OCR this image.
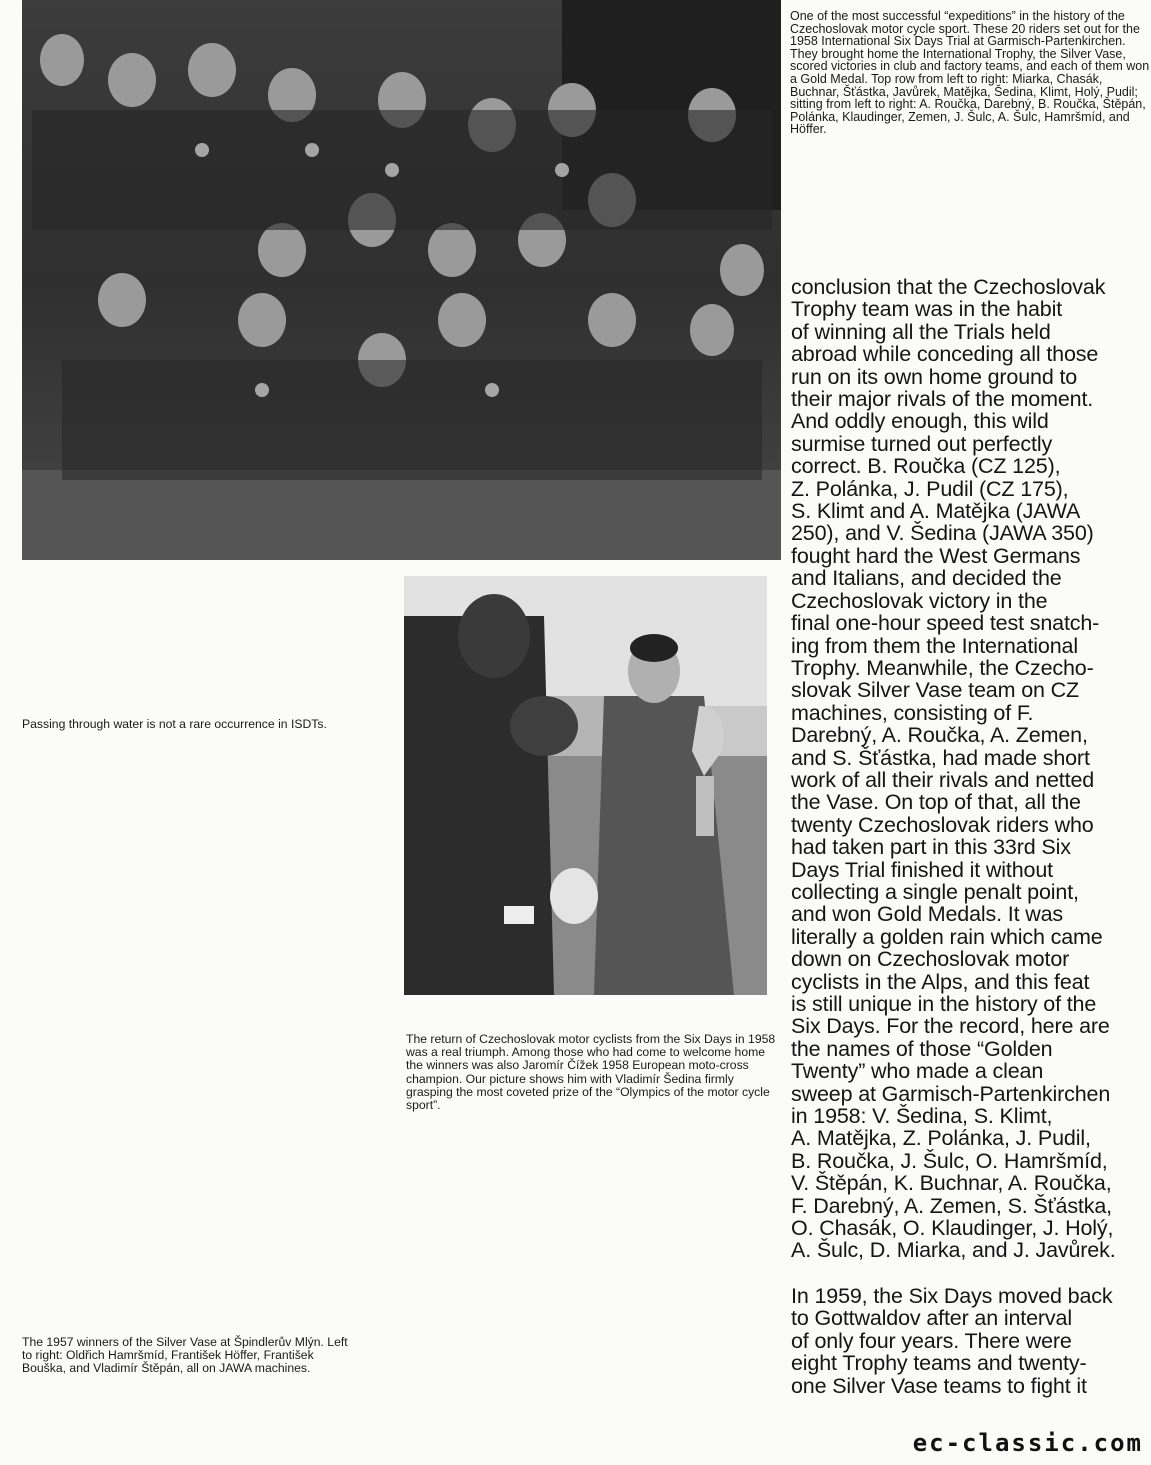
One of the most successful “expeditions” in the history of the Czechoslovak motor cycle sport. These 20 riders set out for the 1958 International Six Days Trial at Garmisch-Partenkirchen. They brought home the International Trophy, the Silver Vase, scored victories in club and factory teams, and each of them won a Gold Medal. Top row from left to right: Miarka, Chasák, Buchnar, Šťástka, Javůrek, Matějka, Šedina, Klimt, Holý, Pudil; sitting from left to right: A. Roučka, Darebný, B. Roučka, Štěpán, Polánka, Klaudinger, Zemen, J. Šulc, A. Šulc, Hamršmíd, and Höffer.
Passing through water is not a rare occurrence in ISDTs.
The return of Czechoslovak motor cyclists from the Six Days in 1958 was a real triumph. Among those who had come to welcome home the winners was also Jaromír Čížek 1958 European moto-cross champion. Our picture shows him with Vladimír Šedina firmly grasping the most coveted prize of the “Olympics of the motor cycle sport”.
The 1957 winners of the Silver Vase at Špindlerův Mlýn. Left to right: Oldřich Hamršmíd, František Höffer, František Bouška, and Vladimír Štěpán, all on JAWA machines.
conclusion that the Czechoslovak
Trophy team was in the habit
of winning all the Trials held
abroad while conceding all those
run on its own home ground to
their major rivals of the moment.
And oddly enough, this wild
surmise turned out perfectly
correct. B. Roučka (CZ 125),
Z. Polánka, J. Pudil (CZ 175),
S. Klimt and A. Matějka (JAWA
250), and V. Šedina (JAWA 350)
fought hard the West Germans
and Italians, and decided the
Czechoslovak victory in the
final one-hour speed test snatch-
ing from them the International
Trophy. Meanwhile, the Czecho-
slovak Silver Vase team on CZ
machines, consisting of F.
Darebný, A. Roučka, A. Zemen,
and S. Šťástka, had made short
work of all their rivals and netted
the Vase. On top of that, all the
twenty Czechoslovak riders who
had taken part in this 33rd Six
Days Trial finished it without
collecting a single penalt point,
and won Gold Medals. It was
literally a golden rain which came
down on Czechoslovak motor
cyclists in the Alps, and this feat
is still unique in the history of the
Six Days. For the record, here are
the names of those “Golden
Twenty” who made a clean
sweep at Garmisch-Partenkirchen
in 1958: V. Šedina, S. Klimt,
A. Matějka, Z. Polánka, J. Pudil,
B. Roučka, J. Šulc, O. Hamršmíd,
V. Štěpán, K. Buchnar, A. Roučka,
F. Darebný, A. Zemen, S. Šťástka,
O. Chasák, O. Klaudinger, J. Holý,
A. Šulc, D. Miarka, and J. Javůrek.
In 1959, the Six Days moved back
to Gottwaldov after an interval
of only four years. There were
eight Trophy teams and twenty-
one Silver Vase teams to fight it
ec-classic.com
